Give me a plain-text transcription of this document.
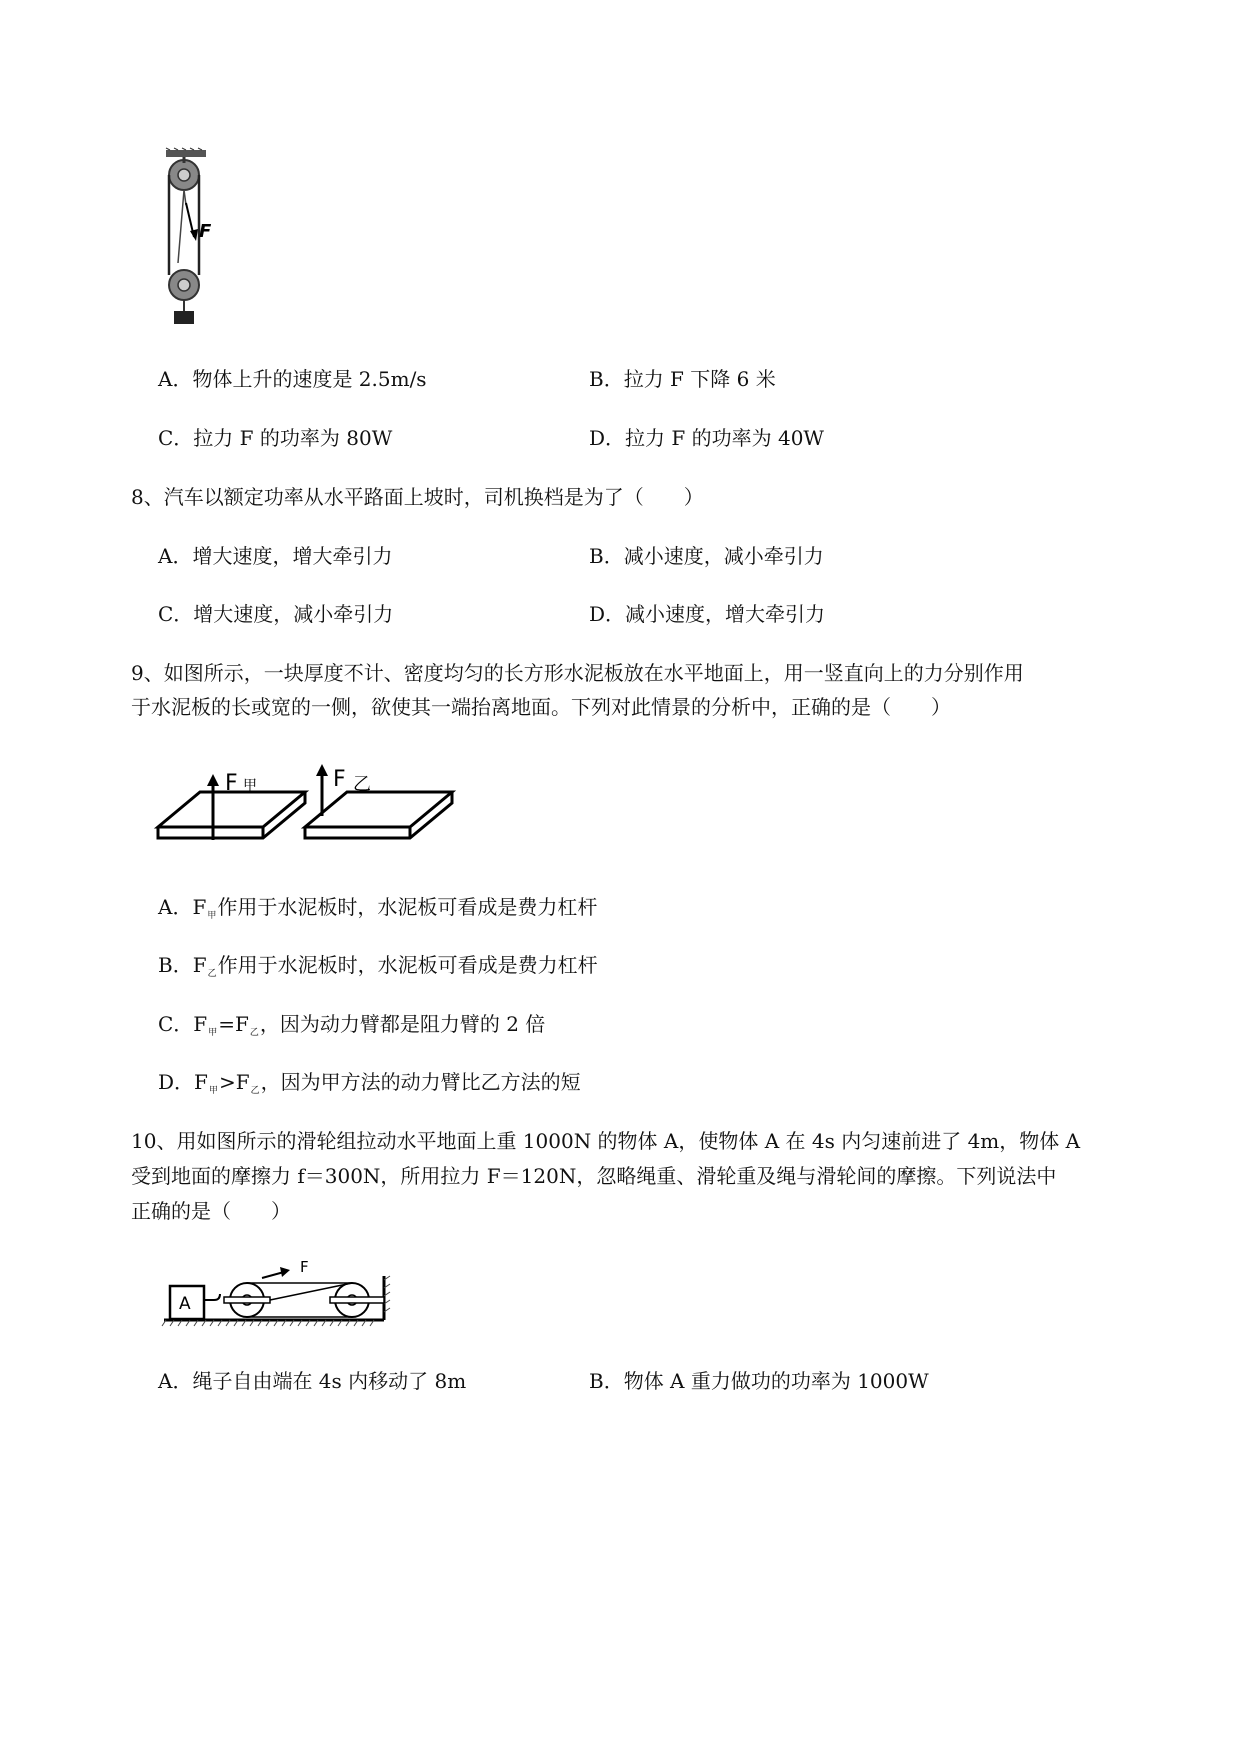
F
A．物体上升的速度是 2.5m/s	B．拉力 F 下降 6 米
C．拉力 F 的功率为 80W	D．拉力 F 的功率为 40W
8、汽车以额定功率从水平路面上坡时，司机换档是为了（　　）
A．增大速度，增大牵引力	B．减小速度，减小牵引力
C．增大速度，减小牵引力	D．减小速度，增大牵引力
9、如图所示，一块厚度不计、密度均匀的长方形水泥板放在水平地面上，用一竖直向上的力分别作用
于水泥板的长或宽的一侧，欲使其一端抬离地面。下列对此情景的分析中，正确的是（　　）
F 甲	F 乙
A．$F_甲$作用于水泥板时，水泥板可看成是费力杠杆
B．$F_乙$作用于水泥板时，水泥板可看成是费力杠杆
C．$F_甲=F_乙$，因为动力臂都是阻力臂的 2 倍
D．$F_甲>F_乙$，因为甲方法的动力臂比乙方法的短
10、用如图所示的滑轮组拉动水平地面上重 1000N 的物体 A，使物体 A 在 4s 内匀速前进了 4m，物体 A
受到地面的摩擦力 f＝300N，所用拉力 F＝120N，忽略绳重、滑轮重及绳与滑轮间的摩擦。下列说法中
正确的是（　　）
A
F
A．绳子自由端在 4s 内移动了 8m	B．物体 A 重力做功的功率为 1000W
